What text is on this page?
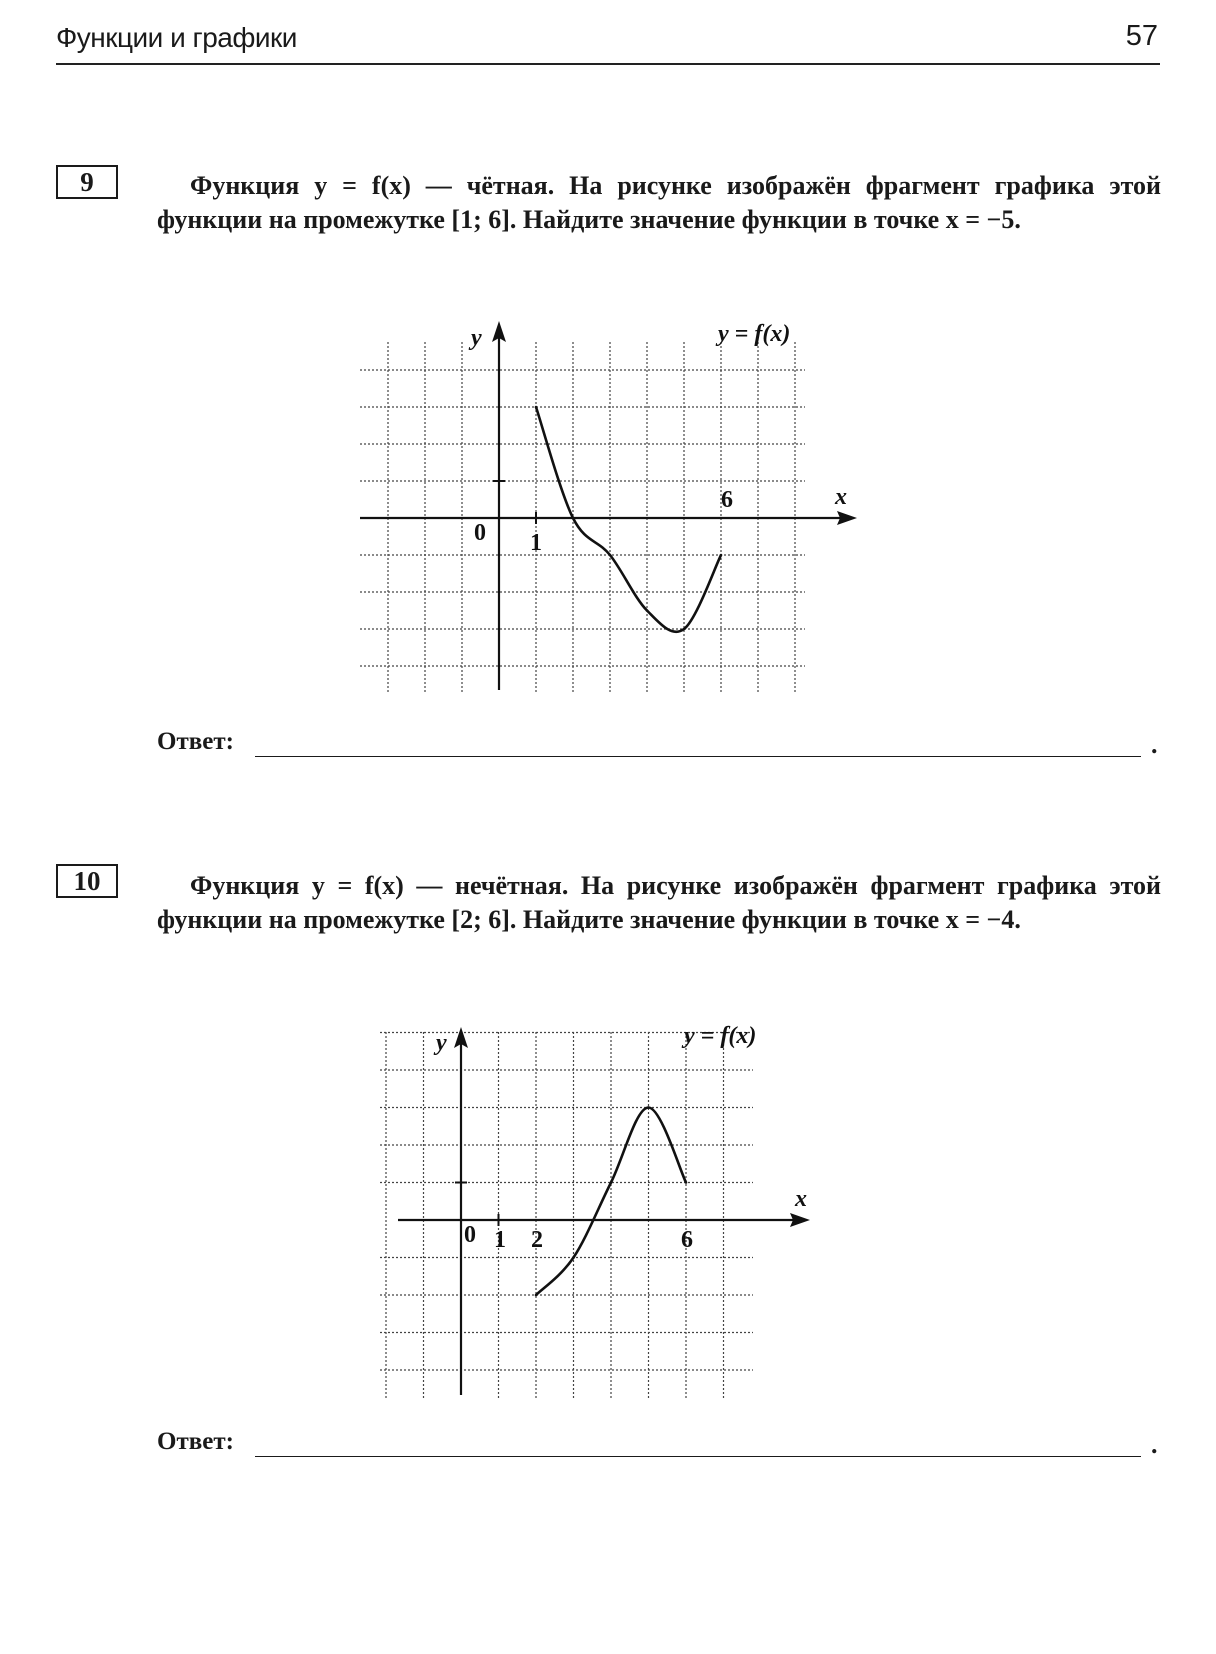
Функции и графики	57
9	Функция y = f(x) — чётная. На рисунке изображён фрагмент графика этой функции на промежутке [1; 6]. Найдите значение функции в точке x = −5.

y
x
y = f(x)
0 1
6
Ответ:	.
10	Функция y = f(x) — нечётная. На рисунке изображён фрагмент графика этой функции на промежутке [2; 6]. Найдите значение функции в точке x = −4.

y
x
y = f(x)
0 1 2	6
Ответ:	.
